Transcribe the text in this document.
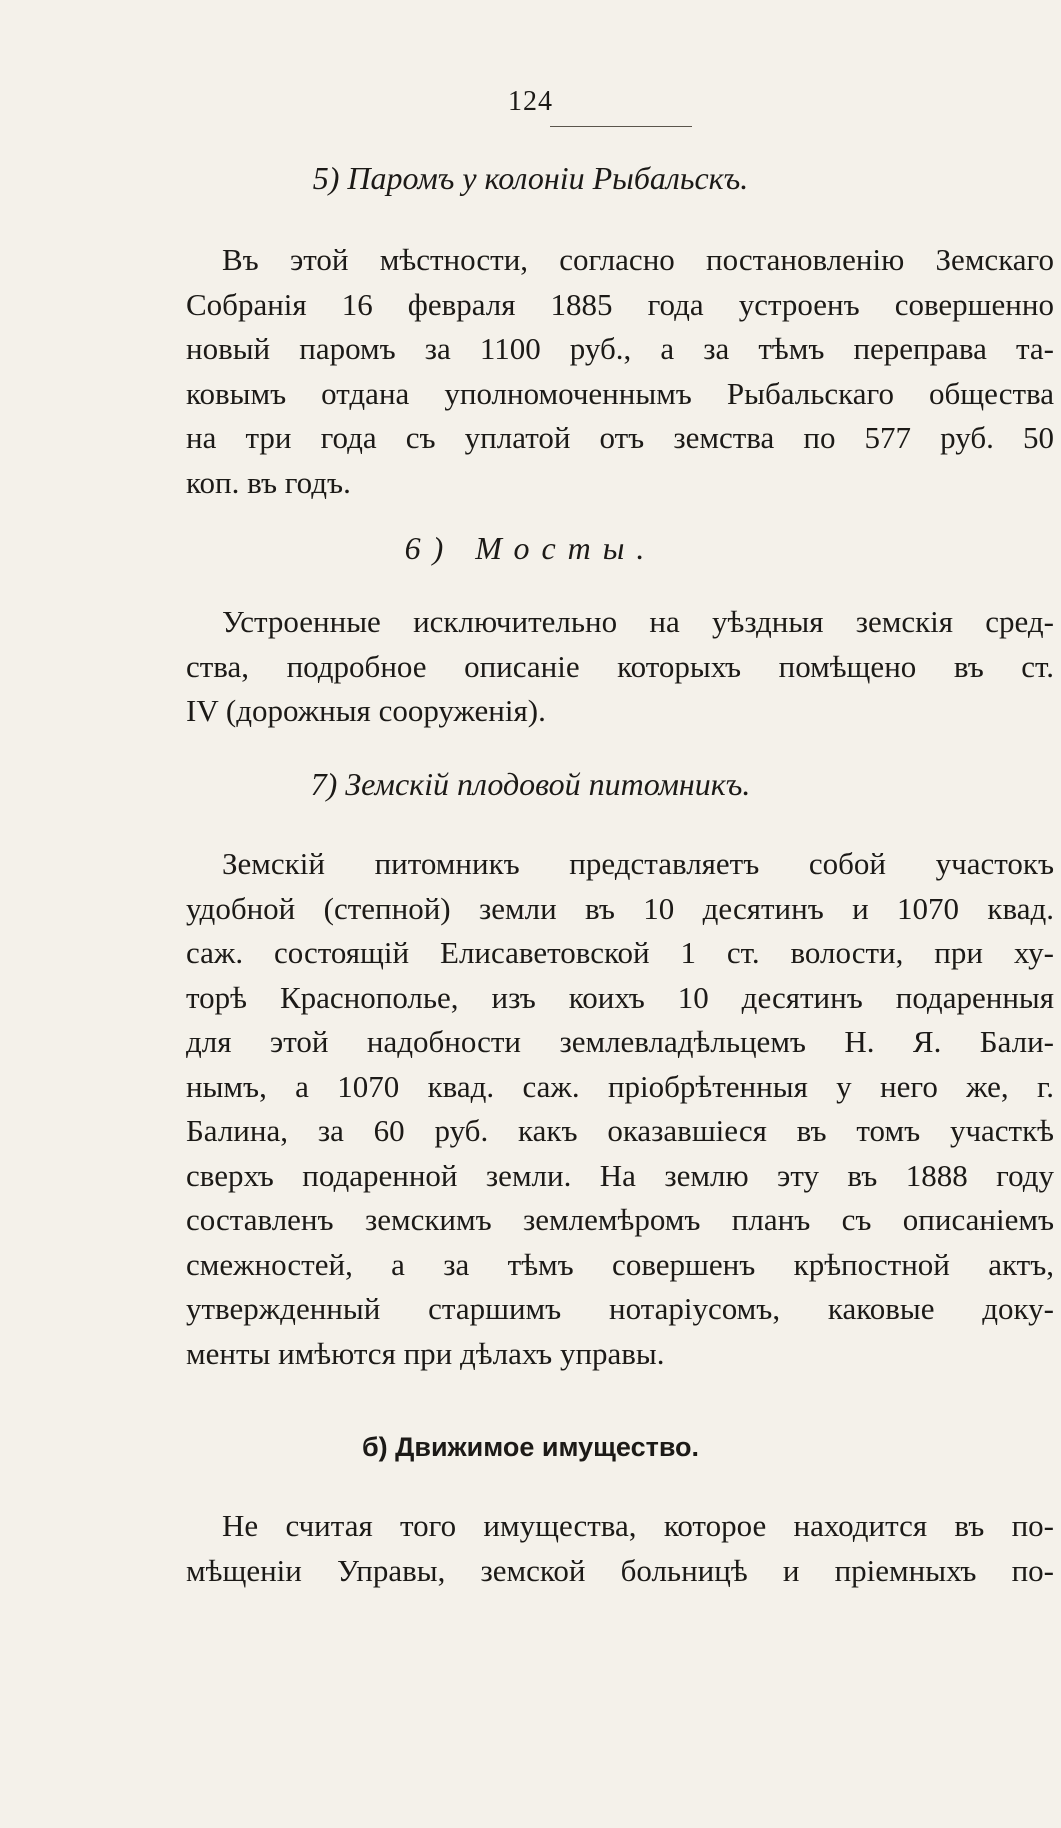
124
5) Паромъ у колоніи Рыбальскъ.

Въ этой мѣстности, согласно постановленію Земскаго
Собранія 16 февраля 1885 года устроенъ совершенно
новый паромъ за 1100 руб., а за тѣмъ переправа та-
ковымъ отдана уполномоченнымъ Рыбальскаго общества
на три года съ уплатой отъ земства по 577 руб. 50
коп. въ годъ.

6) Мосты.

Устроенные исключительно на уѣздныя земскія сред-
ства, подробное описаніе которыхъ помѣщено въ ст.
IV (дорожныя сооруженія).

7) Земскій плодовой питомникъ.

Земскій питомникъ представляетъ собой участокъ
удобной (степной) земли въ 10 десятинъ и 1070 квад.
саж. состоящій Елисаветовской 1 ст. волости, при ху-
торѣ Краснополье, изъ коихъ 10 десятинъ подаренныя
для этой надобности землевладѣльцемъ Н. Я. Бали-
нымъ, а 1070 квад. саж. пріобрѣтенныя у него же, г.
Балина, за 60 руб. какъ оказавшіеся въ томъ участкѣ
сверхъ подаренной земли. На землю эту въ 1888 году
составленъ земскимъ землемѣромъ планъ съ описаніемъ
смежностей, а за тѣмъ совершенъ крѣпостной актъ,
утвержденный старшимъ нотаріусомъ, каковые доку-
менты имѣются при дѣлахъ управы.

б) Движимое имущество.

Не считая того имущества, которое находится въ по-
мѣщеніи Управы, земской больницѣ и пріемныхъ по-
